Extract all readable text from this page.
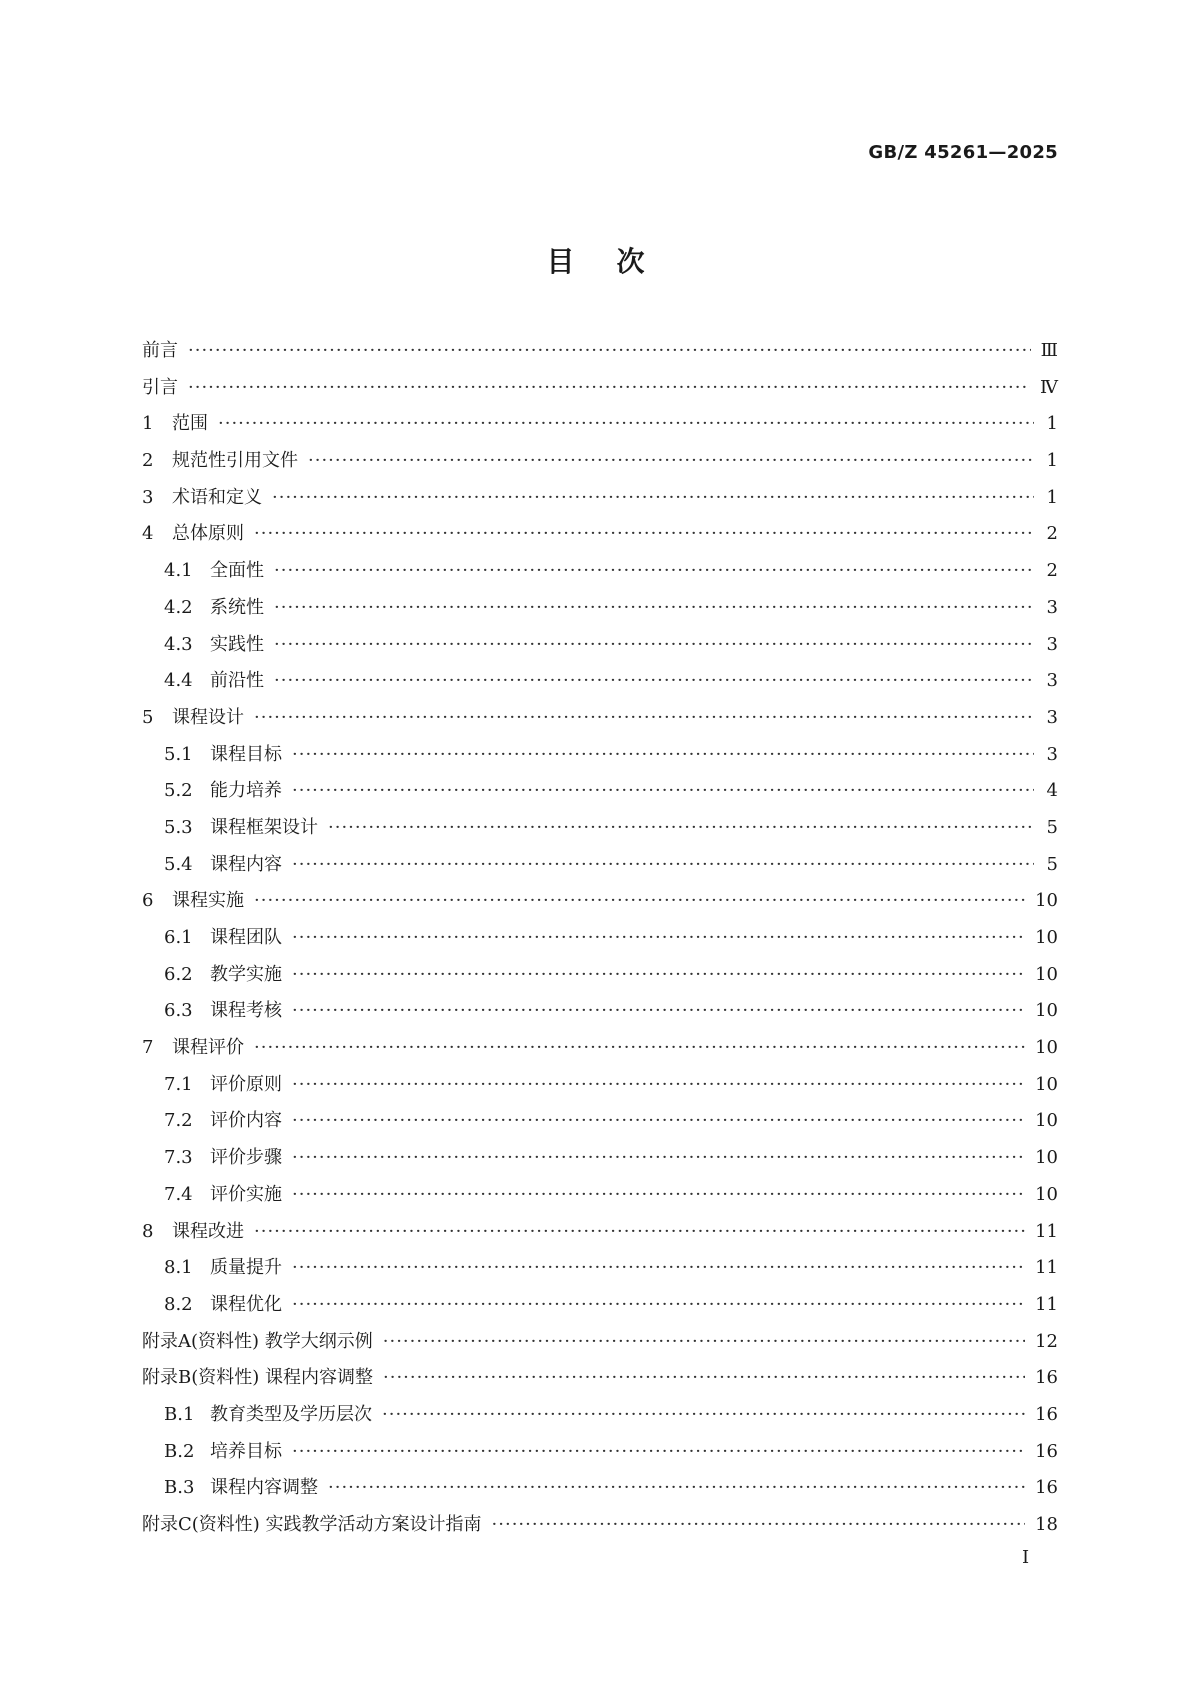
GB/Z 45261—2025
目次
前言 ·····	Ⅲ
引言 ·····	Ⅳ
1 范围 ·····	1
2 规范性引用文件 ·····	1
3 术语和定义 ·····	1
4 总体原则 ·····	2
4.1 全面性 ·····	2
4.2 系统性 ·····	3
4.3 实践性 ·····	3
4.4 前沿性 ·····	3
5 课程设计 ·····	3
5.1 课程目标 ·····	3
5.2 能力培养 ·····	4
5.3 课程框架设计 ·····	5
5.4 课程内容 ·····	5
6 课程实施 ·····	10
6.1 课程团队 ·····	10
6.2 教学实施 ·····	10
6.3 课程考核 ·····	10
7 课程评价 ·····	10
7.1 评价原则 ·····	10
7.2 评价内容 ·····	10
7.3 评价步骤 ·····	10
7.4 评价实施 ·····	10
8 课程改进 ·····	11
8.1 质量提升 ·····	11
8.2 课程优化 ·····	11
附录A(资料性) 教学大纲示例 ·····	12
附录B(资料性) 课程内容调整 ·····	16
B.1 教育类型及学历层次 ·····	16
B.2 培养目标 ·····	16
B.3 课程内容调整 ·····	16
附录C(资料性) 实践教学活动方案设计指南 ·····	18
I
